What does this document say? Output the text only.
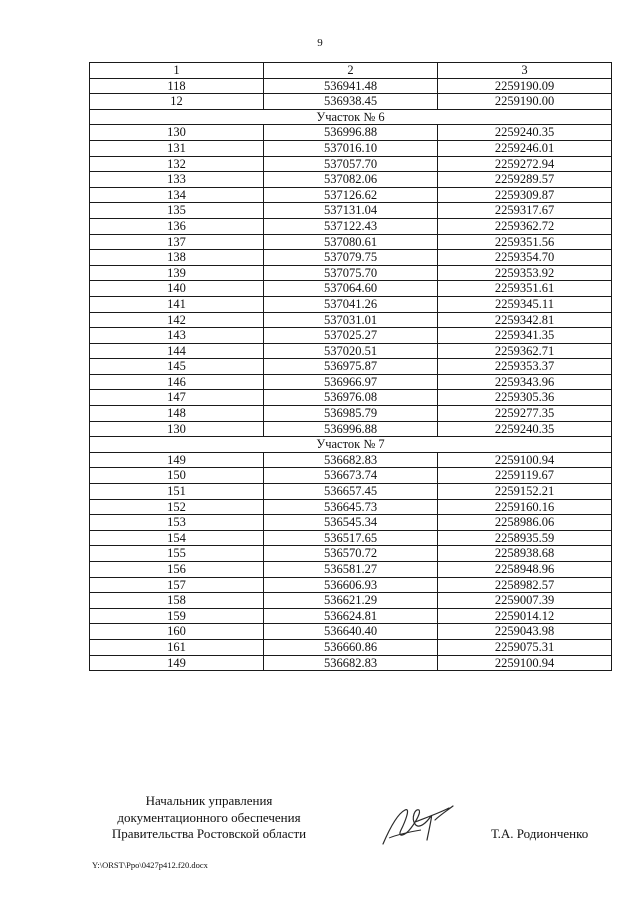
9
1	2	3
118	536941.48	2259190.09
12	536938.45	2259190.00
Участок № 6		
130	536996.88	2259240.35
131	537016.10	2259246.01
132	537057.70	2259272.94
133	537082.06	2259289.57
134	537126.62	2259309.87
135	537131.04	2259317.67
136	537122.43	2259362.72
137	537080.61	2259351.56
138	537079.75	2259354.70
139	537075.70	2259353.92
140	537064.60	2259351.61
141	537041.26	2259345.11
142	537031.01	2259342.81
143	537025.27	2259341.35
144	537020.51	2259362.71
145	536975.87	2259353.37
146	536966.97	2259343.96
147	536976.08	2259305.36
148	536985.79	2259277.35
130	536996.88	2259240.35
Участок № 7		
149	536682.83	2259100.94
150	536673.74	2259119.67
151	536657.45	2259152.21
152	536645.73	2259160.16
153	536545.34	2258986.06
154	536517.65	2258935.59
155	536570.72	2258938.68
156	536581.27	2258948.96
157	536606.93	2258982.57
158	536621.29	2259007.39
159	536624.81	2259014.12
160	536640.40	2259043.98
161	536660.86	2259075.31
149	536682.83	2259100.94
Начальник управления
документационного обеспечения
Правительства Ростовской области	Т.А. Родионченко
Y:\ORST\Ppo\0427p412.f20.docx
